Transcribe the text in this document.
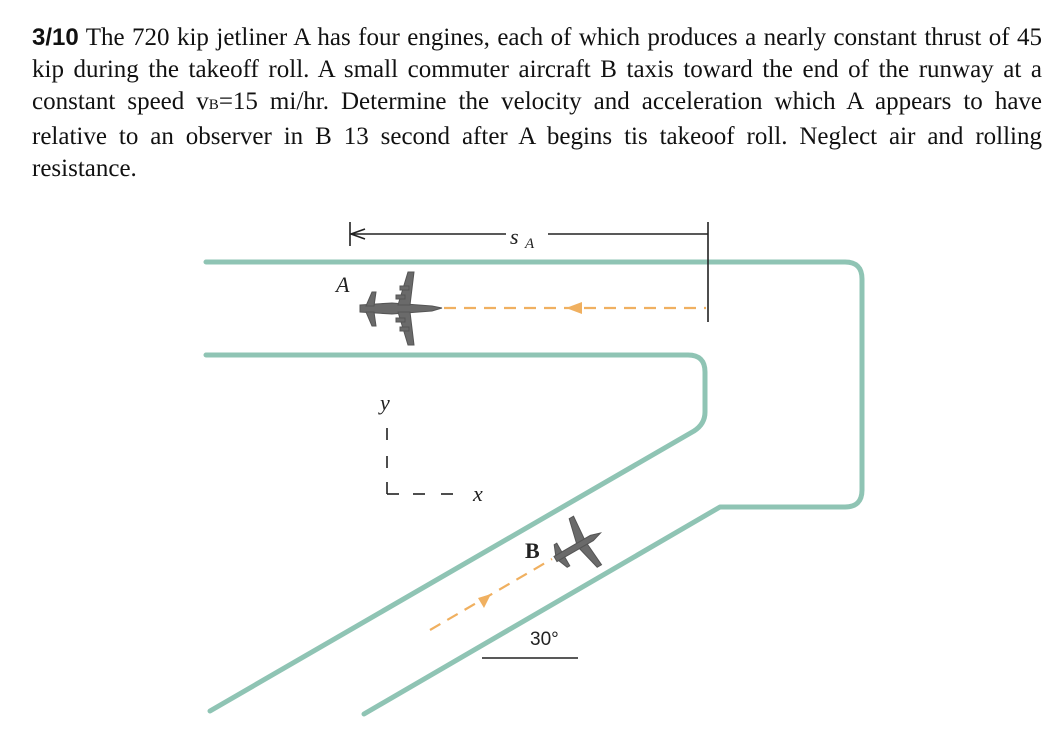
3/10 The 720 kip jetliner A has four engines, each of which produces a nearly constant thrust of 45 kip during the takeoff roll. A small commuter aircraft B taxis toward the end of the runway at a constant speed vB=15 mi/hr. Determine the velocity and acceleration which A appears to have relative to an observer in B 13 second after A begins tis takeoof roll. Neglect air and rolling resistance.
s A
A
y
x
B
30°
